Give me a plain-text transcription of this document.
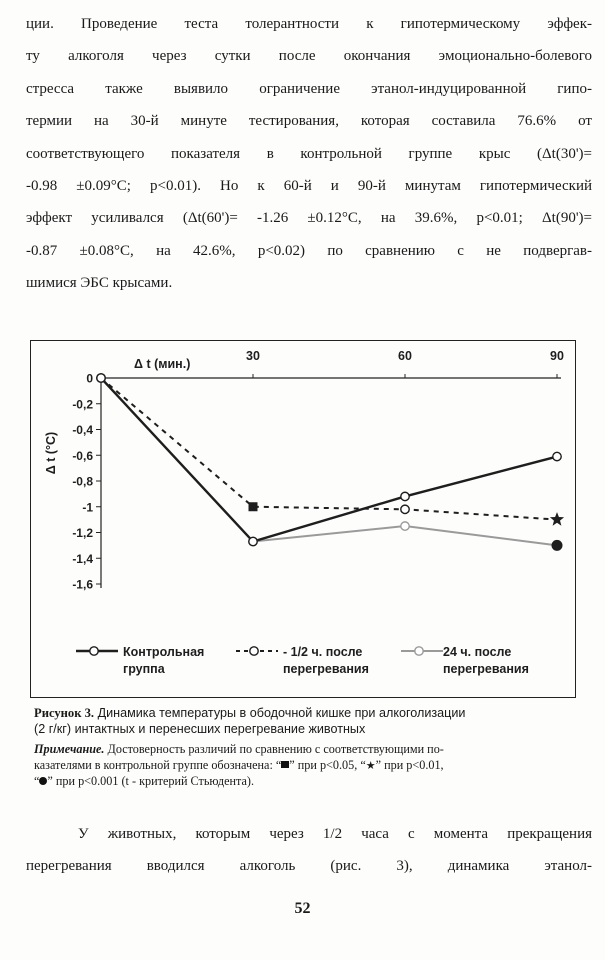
ции. Проведение теста толерантности к гипотермическому эффек-
ту алкоголя через сутки после окончания эмоционально-болевого
стресса также выявило ограничение этанол-индуцированной гипо-
термии на 30-й минуте тестирования, которая составила 76.6% от
соответствующего показателя в контрольной группе крыс (Δt(30')=
-0.98 ±0.09°С; p<0.01). Но к 60-й и 90-й минутам гипотермический
эффект усиливался (Δt(60')= -1.26 ±0.12°С, на 39.6%, p<0.01; Δt(90')=
-0.87 ±0.08°С, на 42.6%, p<0.02) по сравнению с не подвергав-
шимися ЭБС крысами.
0
-0,2
-0,4
-0,6
-0,8
-1
-1,2
-1,4
-1,6
30	60	90
Δ t (мин.)
Δ t (°C)
Контрольная
группа
- 1/2 ч. после
перегревания
24 ч. после
перегревания
Рисунок 3. Динамика температуры в ободочной кишке при алкоголизации
(2 г/кг) интактных и перенесших перегревание животных
Примечание. Достоверность различий по сравнению с соответствующими по-
казателями в контрольной группе обозначена: “ ” при p<0.05, “★” при p<0.01,
“ ” при p<0.001 (t - критерий Стьюдента).
У животных, которым через 1/2 часа с момента прекращения
перегревания вводился алкоголь (рис. 3), динамика этанол-
52
